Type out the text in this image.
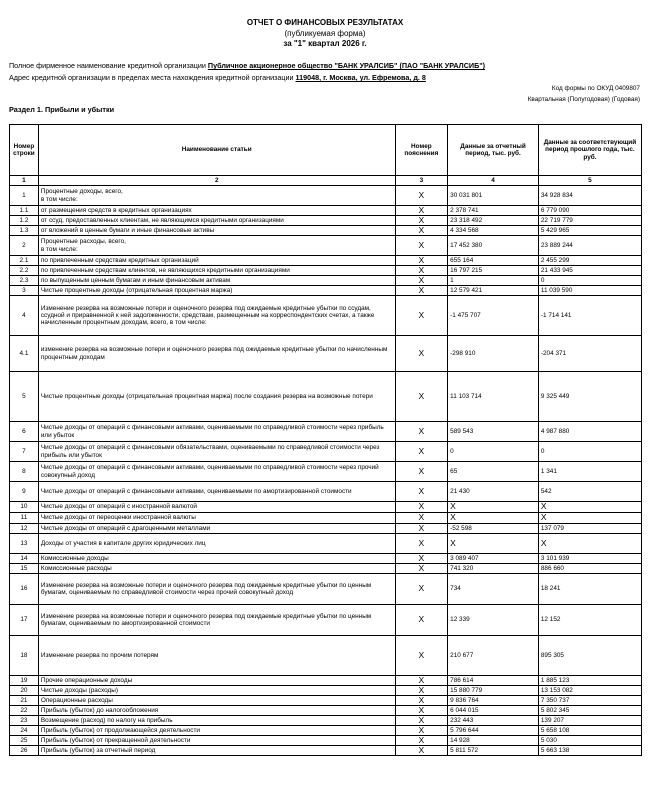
ОТЧЕТ О ФИНАНСОВЫХ РЕЗУЛЬТАТАХ
(публикуемая форма)
за "1" квартал 2026 г.
Полное фирменное наименование кредитной организации Публичное акционерное общество "БАНК УРАЛСИБ" (ПАО "БАНК УРАЛСИБ")
Адрес кредитной организации в пределах места нахождения кредитной организации 119048, г. Москва, ул. Ефремова, д. 8
Код формы по ОКУД 0409807
Квартальная (Полугодовая) (Годовая)
Раздел 1. Прибыли и убытки
Номер строки	Наименование статьи	Номер пояснения	Данные за отчетный период, тыс. руб.	Данные за соответствующий период прошлого года, тыс. руб.
1	2	3	4	5
1	Процентные доходы, всего,
в том числе:	X	30 031 801	34 928 834
1.1	от размещения средств в кредитных организациях	X	2 378 741	6 779 090
1.2	от ссуд, предоставленных клиентам, не являющимся кредитными организациями	X	23 318 492	22 719 779
1.3	от вложений в ценные бумаги и иные финансовые активы	X	4 334 568	5 429 965
2	Процентные расходы, всего,
в том числе:	X	17 452 380	23 889 244
2.1	по привлеченным средствам кредитных организаций	X	655 164	2 455 299
2.2	по привлеченным средствам клиентов, не являющихся кредитными организациями	X	16 797 215	21 433 945
2.3	по выпущенным ценным бумагам и иным финансовым активам	X	1	0
3	Чистые процентные доходы (отрицательная процентная маржа)	X	12 579 421	11 039 590
4	Изменение резерва на возможные потери и оценочного резерва под ожидаемые кредитные убытки по ссудам, ссудной и приравненной к ней задолженности, средствам, размещенным на корреспондентских счетах, а также начисленным процентным доходам, всего, в том числе:	X	-1 475 707	-1 714 141
4.1	изменение резерва на возможные потери и оценочного резерва под ожидаемые кредитные убытки по начисленным процентным доходам	X	-298 910	-204 371
5	Чистые процентные доходы (отрицательная процентная маржа) после создания резерва на возможные потери	X	11 103 714	9 325 449
6	Чистые доходы от операций с финансовыми активами, оцениваемыми по справедливой стоимости через прибыль или убыток	X	589 543	4 987 880
7	Чистые доходы от операций с финансовыми обязательствами, оцениваемыми по справедливой стоимости через прибыль или убыток	X	0	0
8	Чистые доходы от операций с финансовыми активами, оцениваемыми по справедливой стоимости через прочий совокупный доход	X	65	1 341
9	Чистые доходы от операций с финансовыми активами, оцениваемыми по амортизированной стоимости	X	21 430	542
10	Чистые доходы от операций с иностранной валютой	X	X	X
11	Чистые доходы от переоценки иностранной валюты	X	X	X
12	Чистые доходы от операций с драгоценными металлами	X	-52 598	137 079
13	Доходы от участия в капитале других юридических лиц	X	X	X
14	Комиссионные доходы	X	3 089 407	3 101 939
15	Комиссионные расходы	X	741 320	886 660
16	Изменение резерва на возможные потери и оценочного резерва под ожидаемые кредитные убытки по ценным бумагам, оцениваемым по справедливой стоимости через прочий совокупный доход	X	734	18 241
17	Изменение резерва на возможные потери и оценочного резерва под ожидаемые кредитные убытки по ценным бумагам, оцениваемым по амортизированной стоимости	X	12 339	12 152
18	Изменение резерва по прочим потерям	X	210 677	895 305
19	Прочие операционные доходы	X	786 614	1 885 123
20	Чистые доходы (расходы)	X	15 880 779	13 153 082
21	Операционные расходы	X	9 836 764	7 350 737
22	Прибыль (убыток) до налогообложения	X	6 044 015	5 802 345
23	Возмещение (расход) по налогу на прибыль	X	232 443	139 207
24	Прибыль (убыток) от продолжающейся деятельности	X	5 796 644	5 658 108
25	Прибыль (убыток) от прекращенной деятельности	X	14 928	5 030
26	Прибыль (убыток) за отчетный период	X	5 811 572	5 663 138
